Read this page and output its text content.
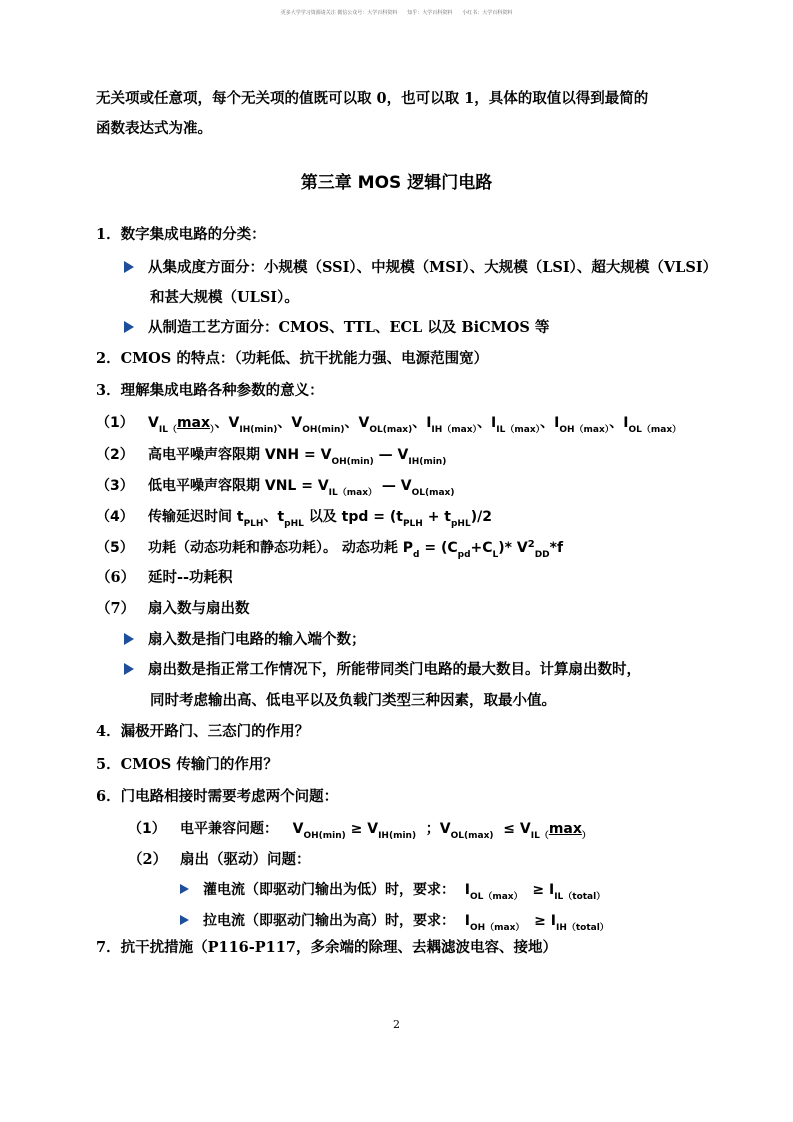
更多大学学习资源请关注 微信公众号：大学百科资料　　知乎：大学百科资料　　小红书：大学百科资料
无关项或任意项，每个无关项的值既可以取 0，也可以取 1，具体的取值以得到最简的
函数表达式为准。
第三章 MOS 逻辑门电路
1．数字集成电路的分类：
从集成度方面分：小规模（SSI）、中规模（MSI）、大规模（LSI）、超大规模（VLSI）
和甚大规模（ULSI）。
从制造工艺方面分：CMOS、TTL、ECL 以及 BiCMOS 等
2．CMOS 的特点：（功耗低、抗干扰能力强、电源范围宽）
3．理解集成电路各种参数的意义：
（1） $V_{IL(}\max_)$、$V_{IH(min)}$、$V_{OH(min)}$、$V_{OL(max)}$、$I_{IH(max)}$、$I_{IL(max)}$、$I_{OH(max)}$、$I_{OL(max)}$
（2） 高电平噪声容限期 VNH = $V_{OH(min)}$ — $V_{IH(min)}$
（3） 低电平噪声容限期 VNL = $V_{IL(max)}$ — $V_{OL(max)}$
（4） 传输延迟时间 $t_{PLH}$、$t_{pHL}$ 以及 tpd = $(t_{PLH} + t_{pHL})/2$
（5） 功耗（动态功耗和静态功耗）。 动态功耗 $P_d = (C_{pd}+C_L)*$ $V^2_{DD}*f$
（6） 延时--功耗积
（7） 扇入数与扇出数
扇入数是指门电路的输入端个数；
扇出数是指正常工作情况下，所能带同类门电路的最大数目。计算扇出数时，
同时考虑输出高、低电平以及负载门类型三种因素，取最小值。
4．漏极开路门、三态门的作用？
5．CMOS 传输门的作用？
6．门电路相接时需要考虑两个问题：
（1） 电平兼容问题：   $V_{OH(min)} \ge V_{IH(min)}$  ；$V_{OL(max)} \le V_{IL(}\max_)$
（2） 扇出（驱动）问题：
灌电流（即驱动门输出为低）时，要求：  $I_{OL(max)} \ge I_{IL(total)}$
拉电流（即驱动门输出为高）时，要求：  $I_{OH(max)} \ge I_{IH(total)}$
7．抗干扰措施（P116-P117，多余端的除理、去耦滤波电容、接地）
2
